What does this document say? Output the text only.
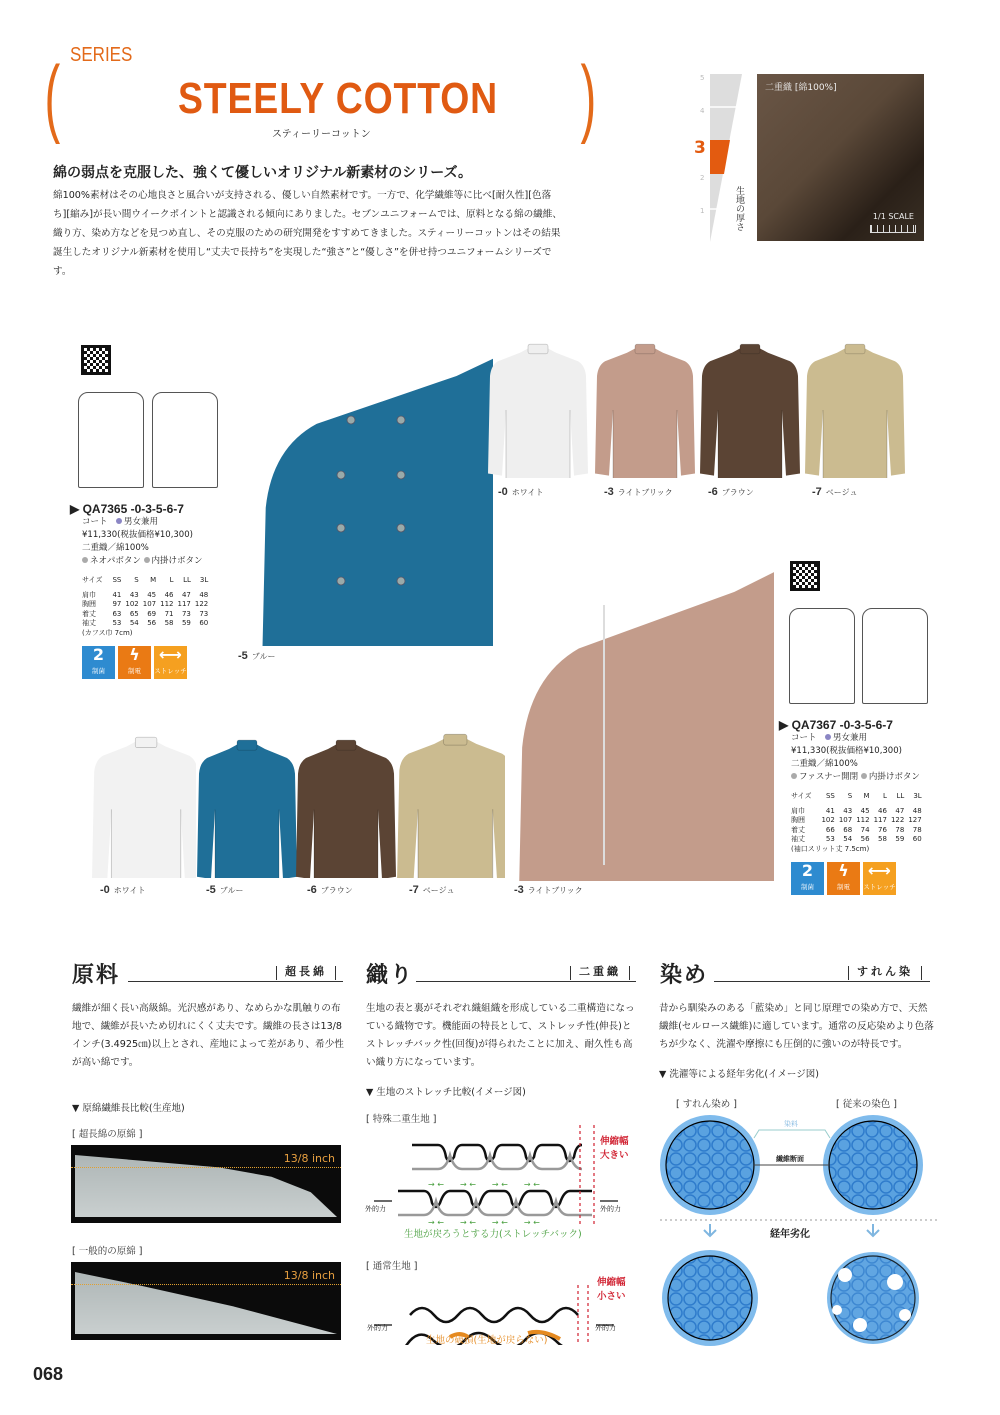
SERIES
(	)
STEELY COTTON
スティーリーコットン
綿の弱点を克服した、強くて優しいオリジナル新素材のシリーズ。
綿100%素材はその心地良さと風合いが支持される、優しい自然素材です。一方で、化学繊維等に比べ[耐久性][色落ち][縮み]が長い間ウイークポイントと認識される傾向にありました。セブンユニフォームでは、原料となる綿の繊維、織り方、染め方などを見つめ直し、その克服のための研究開発をすすめてきました。スティーリーコットンはその結果誕生したオリジナル新素材を使用し“丈夫で長持ち”を実現した“強さ”と“優しさ”を併せ持つユニフォームシリーズです。
5
4
3
2
1	生地の厚さ
二重織 [綿100%]
1/1 SCALE
-5 ブルー
-0 ホワイト	-3 ライトブリック	-6 ブラウン	-7 ベージュ
▶ QA7365 -0-3-5-6-7
コート　 男女兼用
¥11,330(税抜価格¥10,300)
二重織／綿100%
ネオパボタン 内掛けボタン
サイズ	SS	S	M	L	LL	3L

肩巾	41	43	45	46	47	48
胸囲	97	102	107	112	117	122
着丈	63	65	69	71	73	73
袖丈	53	54	56	58	59	60
(カフス巾 7cm)
2
制菌
ϟ
制電
⟷
ストレッチ
-0 ホワイト	-5 ブルー	-6 ブラウン	-7 ベージュ	-3 ライトブリック
▶ QA7367 -0-3-5-6-7
コート　 男女兼用
¥11,330(税抜価格¥10,300)
二重織／綿100%
ファスナー開閉 内掛けボタン
サイズ	SS	S	M	L	LL	3L

肩巾	41	43	45	46	47	48
胸囲	102	107	112	117	122	127
着丈	66	68	74	76	78	78
袖丈	53	54	56	58	59	60
(袖口スリット丈 7.5cm)
2
制菌
ϟ
制電
⟷
ストレッチ
原料	超長綿
繊維が細く長い高級綿。光沢感があり、なめらかな肌触りの布地で、繊維が長いため切れにくく丈夫です。繊維の長さは13/8インチ(3.4925㎝)以上とされ、産地によって差があり、希少性が高い綿です。
▼ 原綿繊維長比較(生産地)
[ 超長綿の原綿 ]
13/8 inch
[ 一般的の原綿 ]
13/8 inch
織り	二重織
生地の表と裏がそれぞれ織組織を形成している二重構造になっている織物です。機能面の特長として、ストレッチ性(伸長)とストレッチバック性(回復)が得られたことに加え、耐久性も高い織り方になっています。
▼ 生地のストレッチ比較(イメージ図)
[ 特殊二重生地 ]
→ ←　　→ ←　　→ ←　　→ ←
→ ←　　→ ←　　→ ←　　→ ←
伸縮幅
大きい
外的力	外的力
生地が戻ろうとする力(ストレッチバック)
[ 通常生地 ]
伸縮幅
小さい
外的力	外的力
生地の破損(生地が戻らない)
染め	すれん染
昔から馴染みのある「藍染め」と同じ原理での染め方で、天然繊維(セルロース繊維)に適しています。通常の反応染めより色落ちが少なく、洗濯や摩擦にも圧倒的に強いのが特長です。
▼ 洗濯等による経年劣化(イメージ図)
[ すれん染め ]	[ 従来の染色 ]
染料
繊維断面
経年劣化
068
